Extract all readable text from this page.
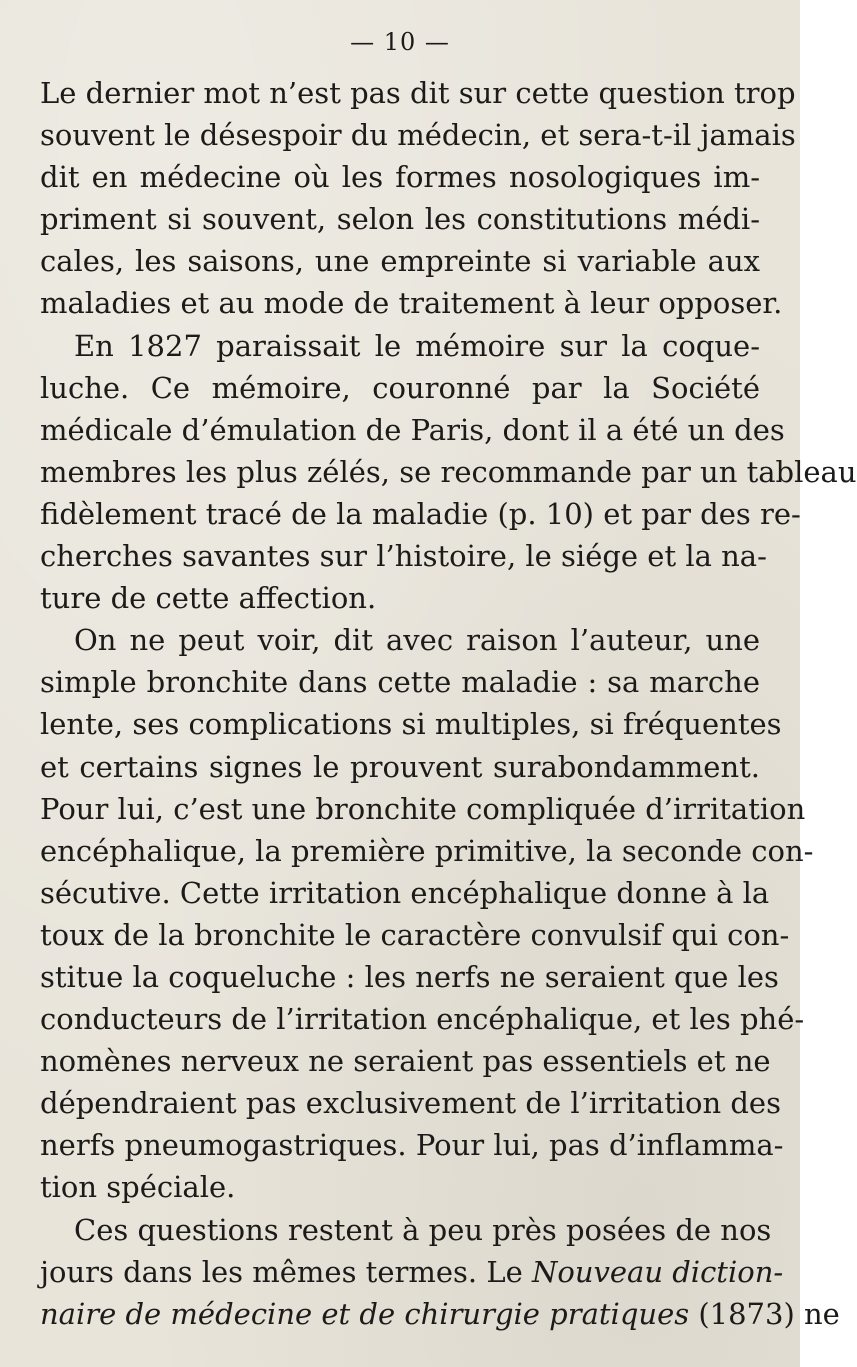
— 10 —

Le dernier mot n’est pas dit sur cette question trop
souvent le désespoir du médecin, et sera-t-il jamais
dit en médecine où les formes nosologiques im-
priment si souvent, selon les constitutions médi-
cales, les saisons, une empreinte si variable aux
maladies et au mode de traitement à leur opposer.

En 1827 paraissait le mémoire sur la coque-
luche. Ce mémoire, couronné par la Société
médicale d’émulation de Paris, dont il a été un des
membres les plus zélés, se recommande par un tableau
fidèlement tracé de la maladie (p. 10) et par des re-
cherches savantes sur l’histoire, le siége et la na-
ture de cette affection.

On ne peut voir, dit avec raison l’auteur, une
simple bronchite dans cette maladie : sa marche
lente, ses complications si multiples, si fréquentes
et certains signes le prouvent surabondamment.
Pour lui, c’est une bronchite compliquée d’irritation
encéphalique, la première primitive, la seconde con-
sécutive. Cette irritation encéphalique donne à la
toux de la bronchite le caractère convulsif qui con-
stitue la coqueluche : les nerfs ne seraient que les
conducteurs de l’irritation encéphalique, et les phé-
nomènes nerveux ne seraient pas essentiels et ne
dépendraient pas exclusivement de l’irritation des
nerfs pneumogastriques. Pour lui, pas d’inflamma-
tion spéciale.

Ces questions restent à peu près posées de nos
jours dans les mêmes termes. Le Nouveau diction-
naire de médecine et de chirurgie pratiques (1873) ne
